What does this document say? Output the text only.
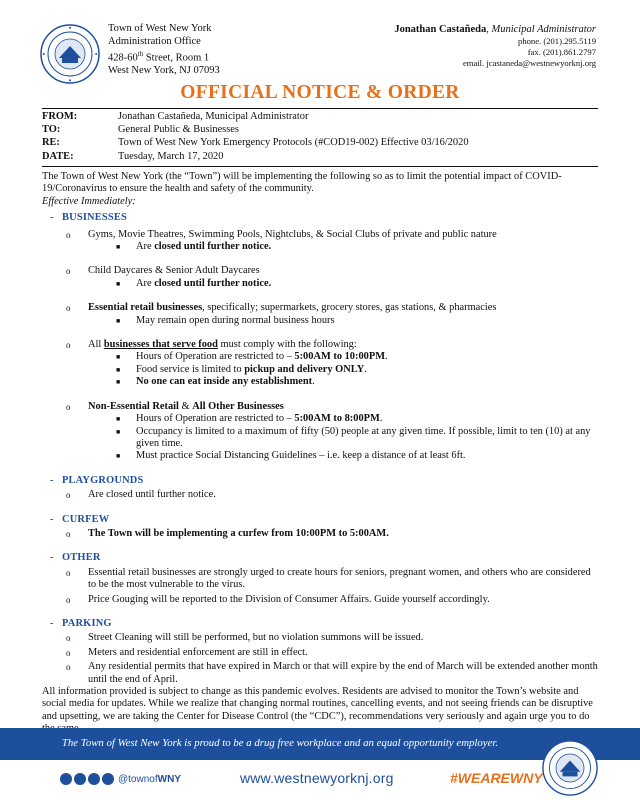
Town of West New York
Administration Office
428-60th Street, Room 1
West New York, NJ 07093
Jonathan Castañeda, Municipal Administrator
phone. (201).295.5119
fax. (201).861.2797
email. jcastaneda@westnewyorknj.org
OFFICIAL NOTICE & ORDER
FROM:	Jonathan Castañeda, Municipal Administrator
TO:	General Public & Businesses
RE:	Town of West New York Emergency Protocols (#COD19-002) Effective 03/16/2020
DATE:	Tuesday, March 17, 2020

The Town of West New York (the “Town”) will be implementing the following so as to limit the potential impact of COVID-19/Coronavirus to ensure the health and safety of the community.

Effective Immediately:

- BUSINESSES
o	Gyms, Movie Theatres, Swimming Pools, Nightclubs, & Social Clubs of private and public nature
■	Are closed until further notice.
o	Child Daycares & Senior Adult Daycares
■	Are closed until further notice.
o	Essential retail businesses, specifically; supermarkets, grocery stores, gas stations, & pharmacies
■	May remain open during normal business hours
o	All businesses that serve food must comply with the following:
■	Hours of Operation are restricted to – 5:00AM to 10:00PM.
■	Food service is limited to pickup and delivery ONLY.
■	No one can eat inside any establishment.
o	Non-Essential Retail & All Other Businesses
■	Hours of Operation are restricted to – 5:00AM to 8:00PM.
■	Occupancy is limited to a maximum of fifty (50) people at any given time. If possible, limit to ten (10) at any given time.
■	Must practice Social Distancing Guidelines – i.e. keep a distance of at least 6ft.
- PLAYGROUNDS
o	Are closed until further notice.
- CURFEW
o	The Town will be implementing a curfew from 10:00PM to 5:00AM.
- OTHER
o	Essential retail businesses are strongly urged to create hours for seniors, pregnant women, and others who are considered to be the most vulnerable to the virus.
o	Price Gouging will be reported to the Division of Consumer Affairs. Guide yourself accordingly.
- PARKING
o	Street Cleaning will still be performed, but no violation summons will be issued.
o	Meters and residential enforcement are still in effect.
o	Any residential permits that have expired in March or that will expire by the end of March will be extended another month until the end of April.

All information provided is subject to change as this pandemic evolves. Residents are advised to monitor the Town’s website and social media for updates. While we realize that changing normal routines, cancelling events, and not seeing friends can be disruptive and upsetting, we are taking the Center for Disease Control (the “CDC”), recommendations very seriously and again urge you to do

The Town of West New York is proud to be a drug free workplace and an equal opportunity employer.
@townofWNY	www.westnewyorknj.org	#WEAREWNY
